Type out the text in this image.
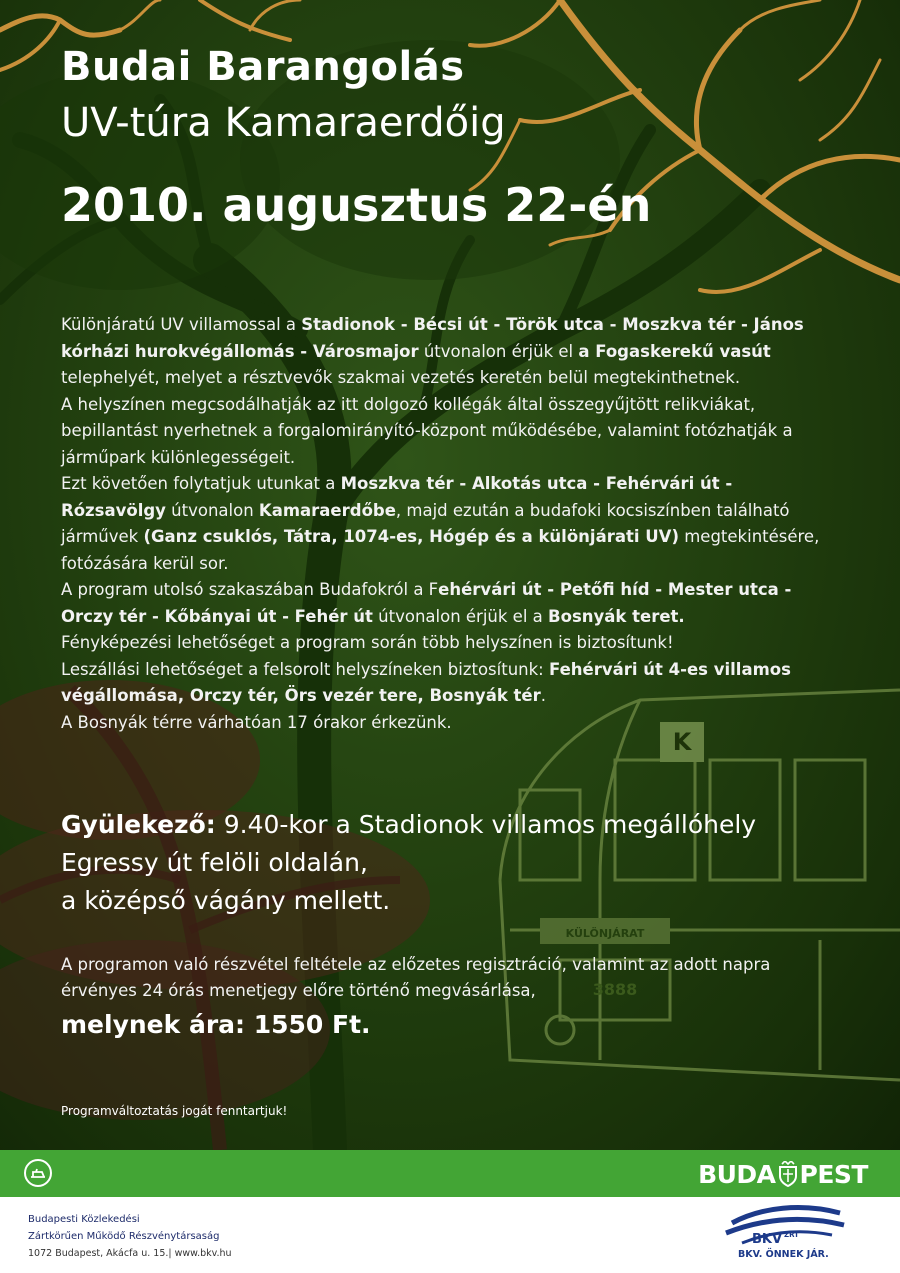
K
KÜLÖNJÁRAT
3888
Budai Barangolás
UV-túra Kamaraerdőig
2010. augusztus 22-én

Különjáratú UV villamossal a Stadionok - Bécsi út - Török utca - Moszkva tér - János kórházi hurokvégállomás - Városmajor útvonalon érjük el a Fogaskerekű vasút telephelyét, melyet a résztvevők szakmai vezetés keretén belül megtekinthetnek.

A helyszínen megcsodálhatják az itt dolgozó kollégák által összegyűjtött relikviákat, bepillantást nyerhetnek a forgalomirányító-központ működésébe, valamint fotózhatják a járműpark különlegességeit.

Ezt követően folytatjuk utunkat a Moszkva tér - Alkotás utca - Fehérvári út - Rózsavölgy útvonalon Kamaraerdőbe, majd ezután a budafoki kocsiszínben található járművek (Ganz csuklós, Tátra, 1074-es, Hógép és a különjárati UV) megtekintésére, fotózására kerül sor.

A program utolsó szakaszában Budafokról a Fehérvári út - Petőfi híd - Mester utca - Orczy tér - Kőbányai út - Fehér út útvonalon érjük el a Bosnyák teret.

Fényképezési lehetőséget a program során több helyszínen is biztosítunk!

Leszállási lehetőséget a felsorolt helyszíneken biztosítunk: Fehérvári út 4-es villamos végállomása, Orczy tér, Örs vezér tere, Bosnyák tér.

A Bosnyák térre várhatóan 17 órakor érkezünk.

Gyülekező: 9.40-kor a Stadionok villamos megállóhely
Egressy út felöli oldalán,
a középső vágány mellett.
A programon való részvétel feltétele az előzetes regisztráció, valamint az adott napra érvényes 24 órás menetjegy előre történő megvásárlása,
melynek ára: 1550 Ft.
Programváltoztatás jogát fenntartjuk!
BUDA PEST
Budapesti Közlekedési
Zártkörűen Működő Részvénytársaság
1072 Budapest, Akácfa u. 15.| www.bkv.hu
BKV ZRT
BKV. ÖNNEK JÁR.
